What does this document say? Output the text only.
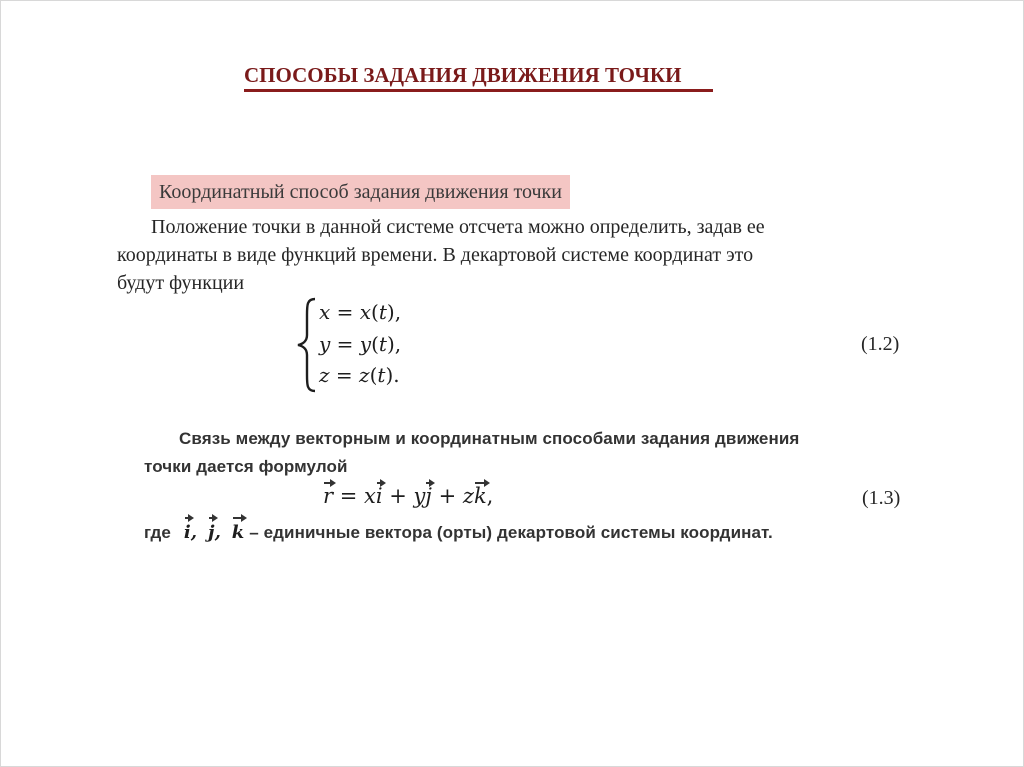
СПОСОБЫ ЗАДАНИЯ ДВИЖЕНИЯ ТОЧКИ
Координатный способ задания движения точки
Положение точки в данной системе отсчета можно определить, задав ее
координаты в виде функций времени. В декартовой системе координат это
будут функции
x = x(t),
y = y(t),
z = z(t).
(1.2)
Связь между векторным и координатным способами задания движения
точки дается формулой
r = xi + yj + zk,	(1.3)
где i, j, k – единичные вектора (орты) декартовой системы координат.
